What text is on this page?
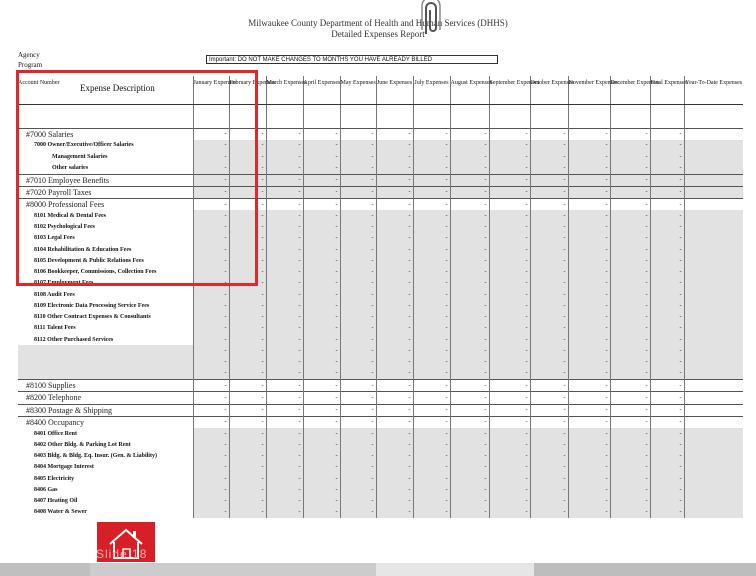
Milwaukee County Department of Health and Human Services (DHHS)
Detailed Expenses Report
Agency
Program
Important: DO NOT MAKE CHANGES TO MONTHS YOU HAVE ALREADY BILLED
Account Number Expense Description	January Expenses	February Expenses	March Expenses	April Expenses	May Expenses	June Expenses	July Expenses	August Expenses	September Expenses	October Expenses	November Expenses	December Expenses	Final Expenses	Year-To-Date Expenses

#7000 Salaries	-	-	-	-	-	-	-	-	-	-	-	-	-	
7000 Owner/Executive/Officer Salaries	-	-	-	-	-	-	-	-	-	-	-	-	-	
Management Salaries	-	-	-	-	-	-	-	-	-	-	-	-	-	
Other salaries	-	-	-	-	-	-	-	-	-	-	-	-	-	
#7010 Employee Benefits	-	-	-	-	-	-	-	-	-	-	-	-	-	
#7020 Payroll Taxes	-	-	-	-	-	-	-	-	-	-	-	-	-	
#8000 Professional Fees	-	-	-	-	-	-	-	-	-	-	-	-	-	
8101 Medical & Dental Fees	-	-	-	-	-	-	-	-	-	-	-	-	-	
8102 Psychological Fees	-	-	-	-	-	-	-	-	-	-	-	-	-	
8103 Legal Fees	-	-	-	-	-	-	-	-	-	-	-	-	-	
8104 Rehabilitation & Education Fees	-	-	-	-	-	-	-	-	-	-	-	-	-	
8105 Development & Public Relations Fees	-	-	-	-	-	-	-	-	-	-	-	-	-	
8106 Bookkeeper, Commissions, Collection Fees	-	-	-	-	-	-	-	-	-	-	-	-	-	
8107 Employment Fees	-	-	-	-	-	-	-	-	-	-	-	-	-	
8108 Audit Fees	-	-	-	-	-	-	-	-	-	-	-	-	-	
8109 Electronic Data Processing Service Fees	-	-	-	-	-	-	-	-	-	-	-	-	-	
8110 Other Contract Expenses & Consultants	-	-	-	-	-	-	-	-	-	-	-	-	-	
8111 Talent Fees	-	-	-	-	-	-	-	-	-	-	-	-	-	
8112 Other Purchased Services	-	-	-	-	-	-	-	-	-	-	-	-	-	
	-	-	-	-	-	-	-	-	-	-	-	-	-	
	-	-	-	-	-	-	-	-	-	-	-	-	-	
	-	-	-	-	-	-	-	-	-	-	-	-	-	
#8100 Supplies	-	-	-	-	-	-	-	-	-	-	-	-	-	
#8200 Telephone	-	-	-	-	-	-	-	-	-	-	-	-	-	
#8300 Postage & Shipping	-	-	-	-	-	-	-	-	-	-	-	-	-	
#8400 Occupancy	-	-	-	-	-	-	-	-	-	-	-	-	-	
8401 Office Rent	-	-	-	-	-	-	-	-	-	-	-	-	-	
8402 Other Bldg. & Parking Lot Rent	-	-	-	-	-	-	-	-	-	-	-	-	-	
8403 Bldg. & Bldg. Eq. Insur. (Gen. & Liability)	-	-	-	-	-	-	-	-	-	-	-	-	-	
8404 Mortgage Interest	-	-	-	-	-	-	-	-	-	-	-	-	-	
8405 Electricity	-	-	-	-	-	-	-	-	-	-	-	-	-	
8406 Gas	-	-	-	-	-	-	-	-	-	-	-	-	-	
8407 Heating Oil	-	-	-	-	-	-	-	-	-	-	-	-	-	
8408 Water & Sewer	-	-	-	-	-	-	-	-	-	-	-	-	-	
Slide 18
